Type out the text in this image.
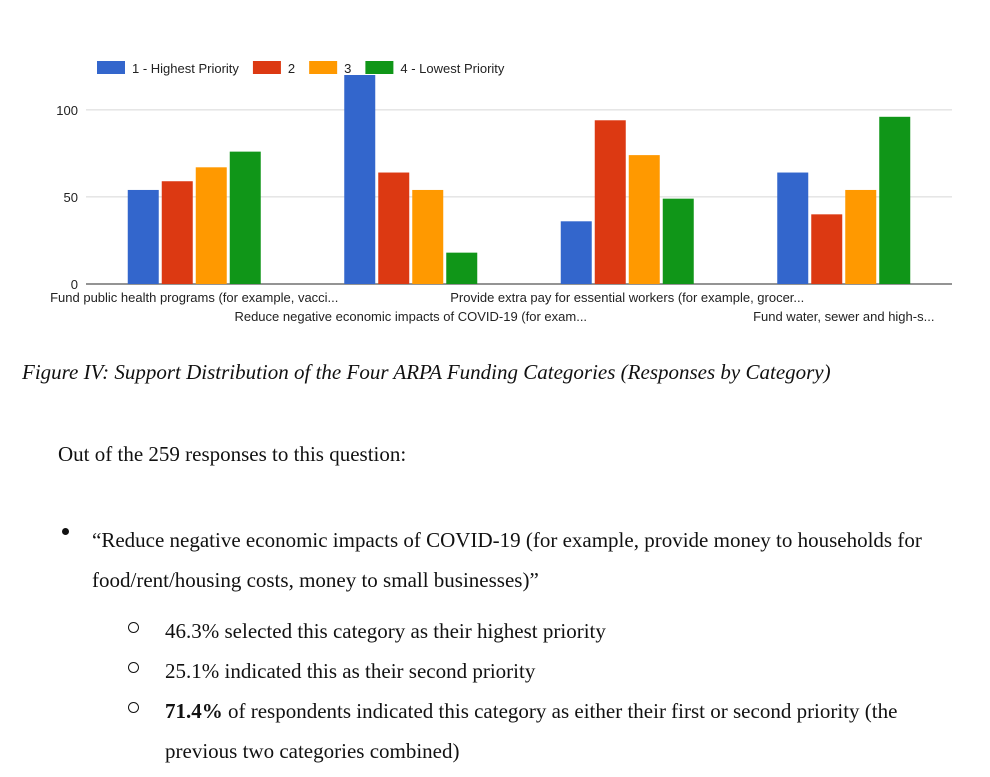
0
50
100
Fund public health programs (for example, vacci...
Reduce negative economic impacts of COVID-19 (for exam...
Provide extra pay for essential workers (for example, grocer...
Fund water, sewer and high-s...
1 - Highest Priority	2	3	4 - Lowest Priority
Figure IV: Support Distribution of the Four ARPA Funding Categories (Responses by Category)
Out of the 259 responses to this question:
“Reduce negative economic impacts of COVID-19 (for example, provide money to households for food/rent/housing costs, money to small businesses)”
46.3% selected this category as their highest priority
25.1% indicated this as their second priority
71.4% of respondents indicated this category as either their first or second priority (the previous two categories combined)
